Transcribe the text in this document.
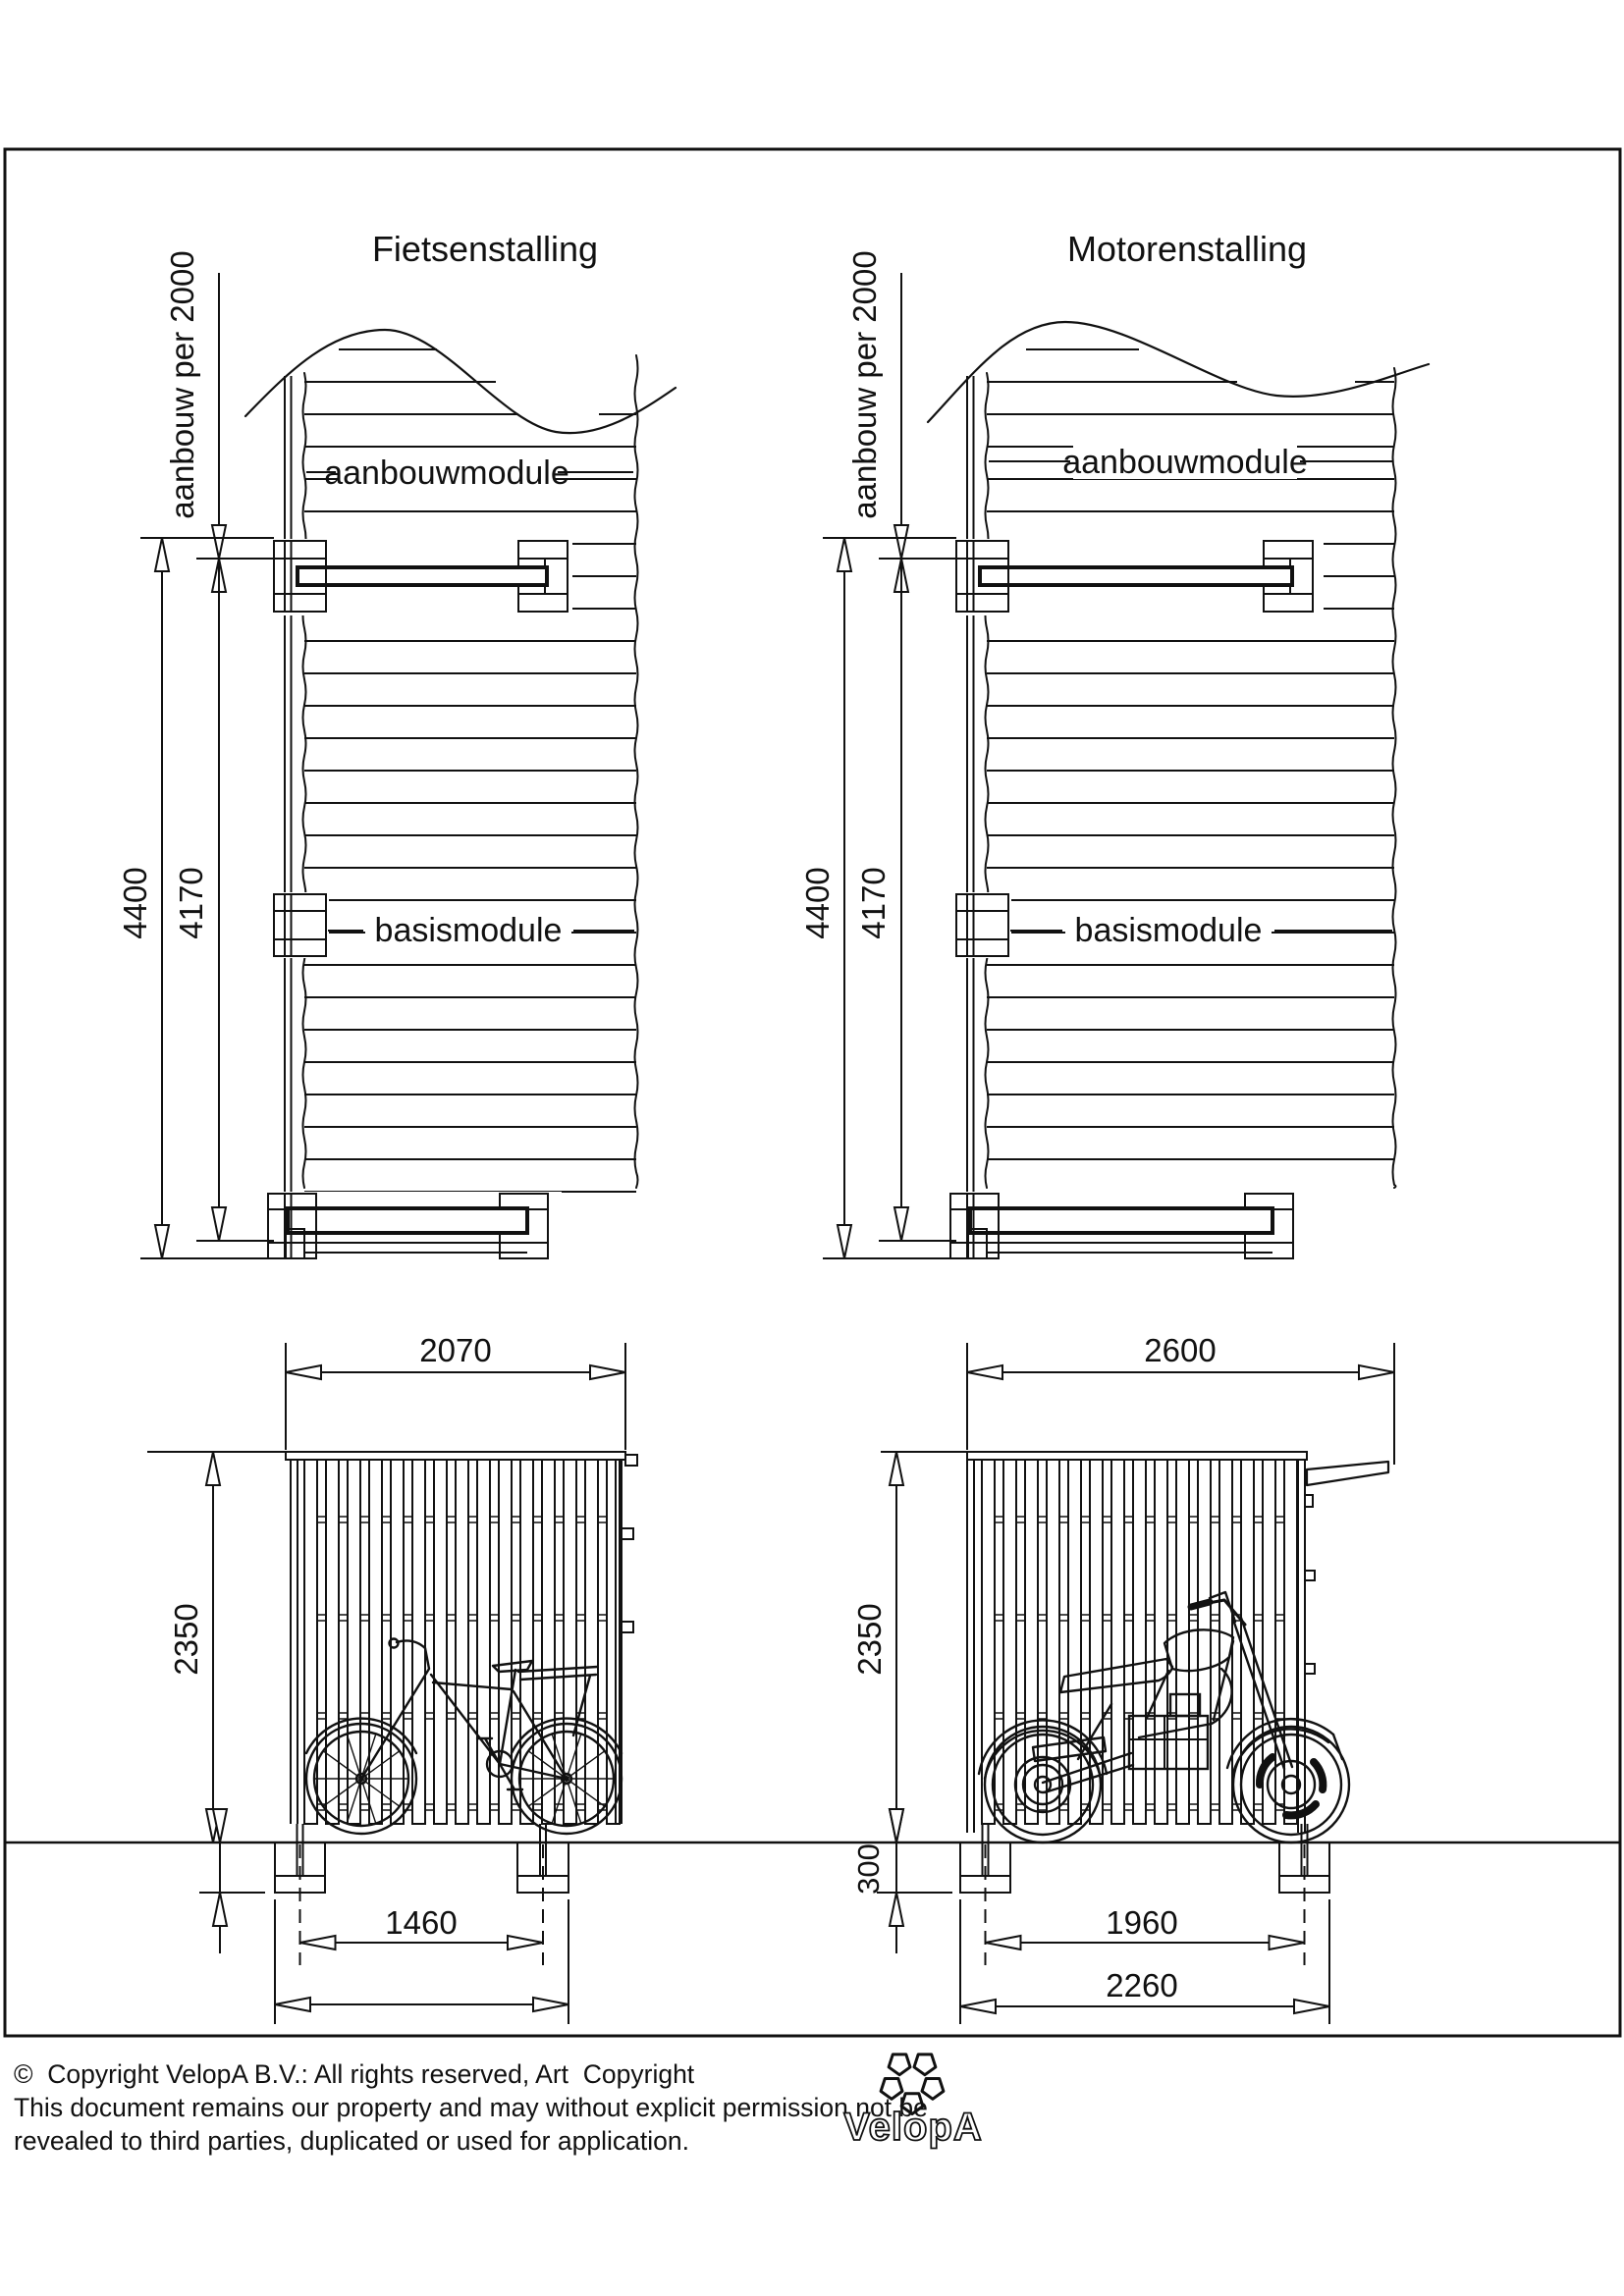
Fietsenstalling	Motorenstalling
aanbouwmodule	aanbouwmodule
basismodule	basismodule
aanbouw per 2000	aanbouw per 2000
4400 4170	4400 4170
2070	2600
2350	2350
300
1460	1960
2260
©  Copyright VelopA B.V.: All rights reserved, Art  Copyright
This document remains our property and may without explicit permission not be
revealed to third parties, duplicated or used for application.	VelopA
